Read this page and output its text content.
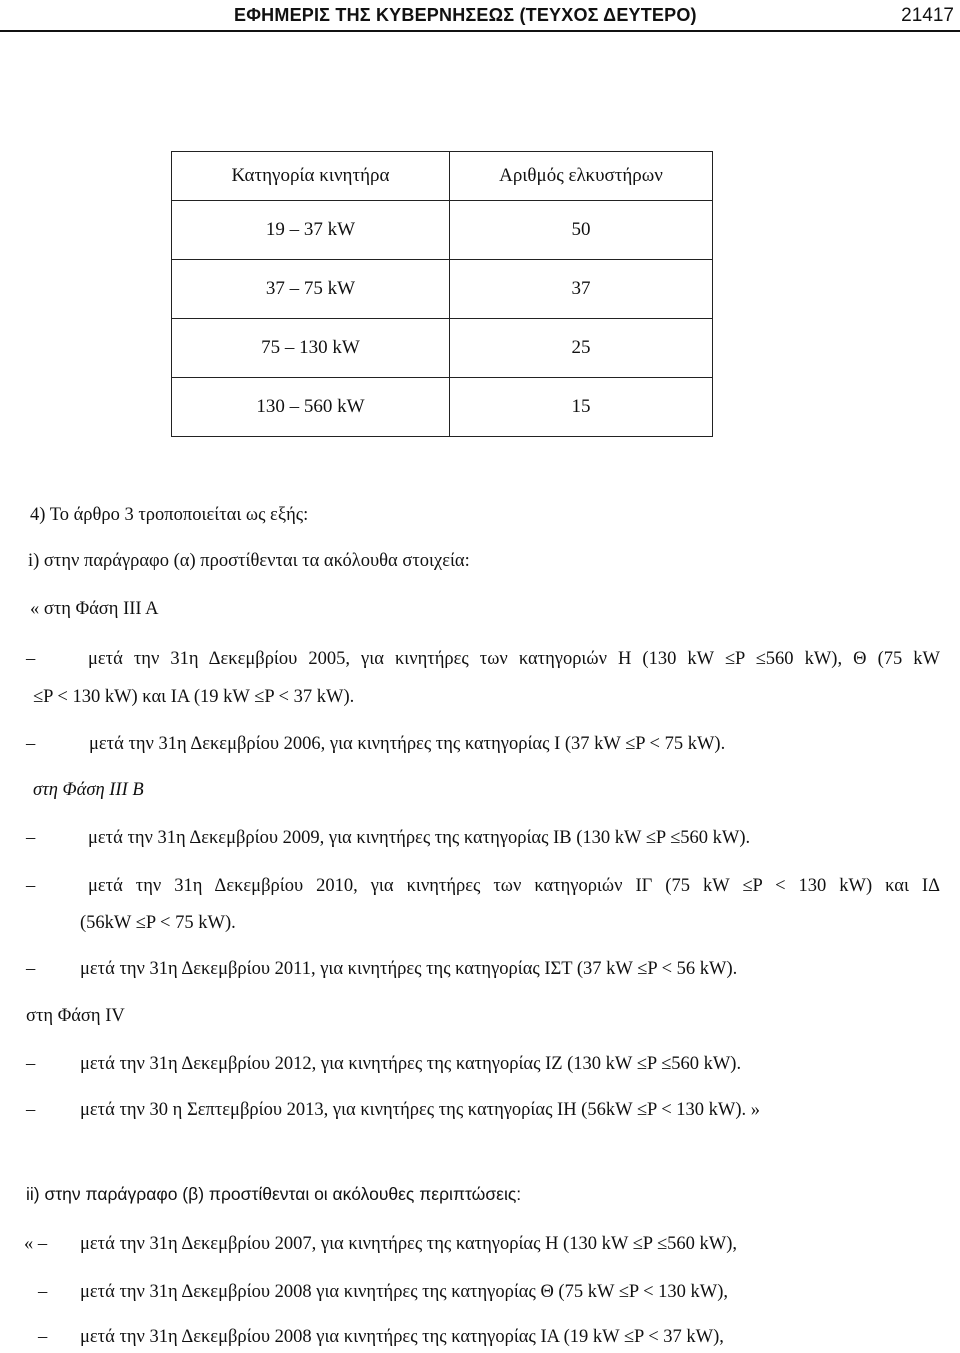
ΕΦΗΜΕΡΙΣ ΤΗΣ ΚΥΒΕΡΝΗΣΕΩΣ (ΤΕΥΧΟΣ ΔΕΥΤΕΡΟ)	21417
Κατηγορία κινητήρα	Αριθμός ελκυστήρων
19 – 37 kW	50
37 – 75 kW	37
75 – 130 kW	25
130 – 560 kW	15
4) Το άρθρο 3 τροποποιείται ως εξής:
i) στην παράγραφο (α) προστίθενται τα ακόλουθα στοιχεία:
« στη Φάση ΙΙΙ Α
–	μετά την 31η Δεκεμβρίου 2005, για κινητήρες των κατηγοριών Η (130 kW ≤P ≤560 kW), Θ (75 kW
≤P < 130 kW) και ΙΑ (19 kW ≤P < 37 kW).
–	μετά την 31η Δεκεμβρίου 2006, για κινητήρες της κατηγορίας Ι (37 kW ≤P < 75 kW).
στη Φάση ΙΙΙ Β
–	μετά την 31η Δεκεμβρίου 2009, για κινητήρες της κατηγορίας ΙΒ (130 kW ≤P ≤560 kW).
–	μετά την 31η Δεκεμβρίου 2010, για κινητήρες των κατηγοριών ΙΓ (75 kW ≤P < 130 kW) και ΙΔ
(56kW ≤P < 75 kW).
– μετά την 31η Δεκεμβρίου 2011, για κινητήρες της κατηγορίας ΙΣΤ (37 kW ≤P < 56 kW).
στη Φάση IV
– μετά την 31η Δεκεμβρίου 2012, για κινητήρες της κατηγορίας ΙΖ (130 kW ≤P ≤560 kW).
– μετά την 30 η Σεπτεμβρίου 2013, για κινητήρες της κατηγορίας ΙΗ (56kW ≤P < 130 kW). »
ii) στην παράγραφο (β) προστίθενται οι ακόλουθες περιπτώσεις:
« – μετά την 31η Δεκεμβρίου 2007, για κινητήρες της κατηγορίας Η (130 kW ≤P ≤560 kW),
– μετά την 31η Δεκεμβρίου 2008 για κινητήρες της κατηγορίας Θ (75 kW ≤P < 130 kW),
– μετά την 31η Δεκεμβρίου 2008 για κινητήρες της κατηγορίας ΙΑ (19 kW ≤P < 37 kW),
